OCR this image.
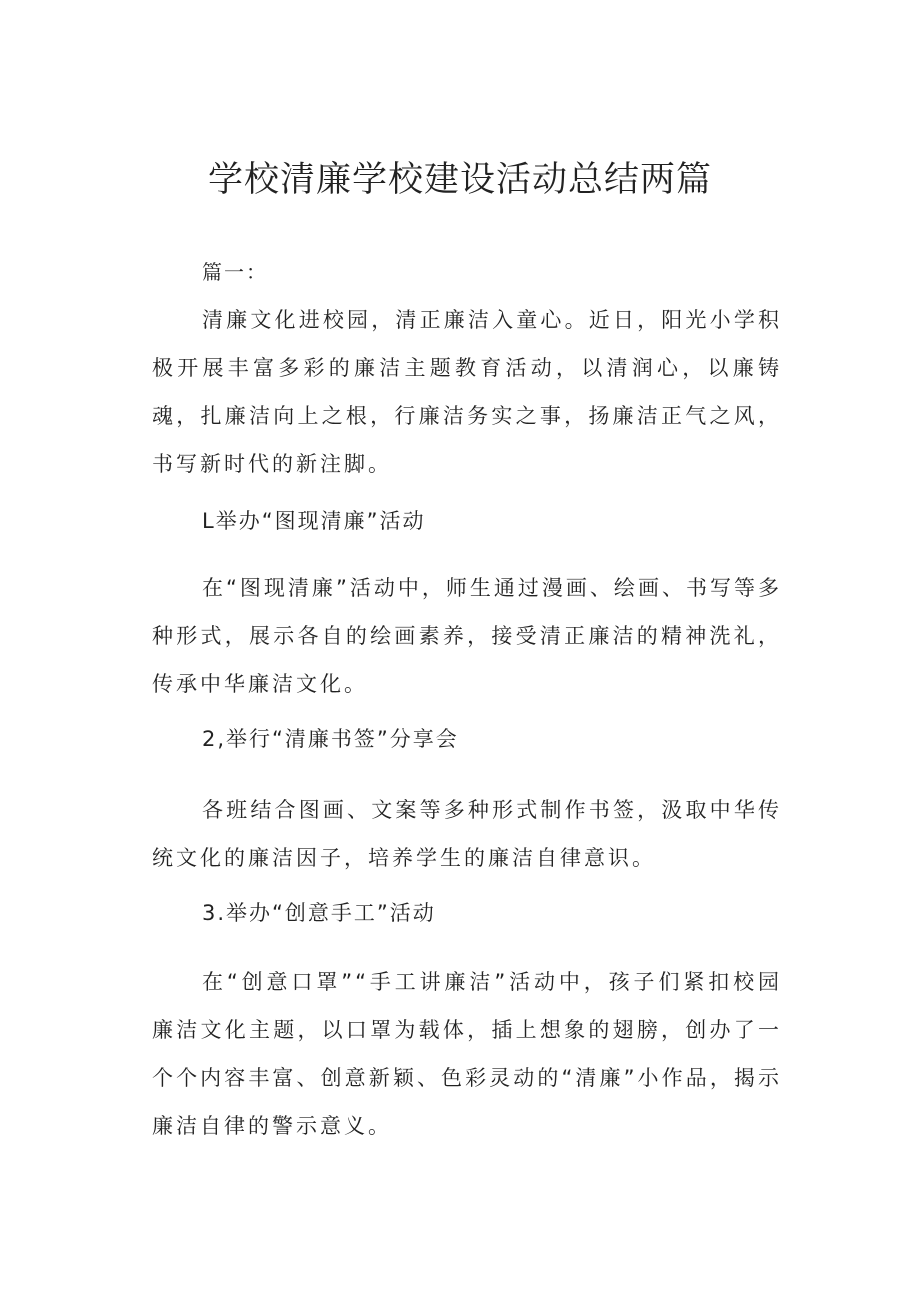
学校清廉学校建设活动总结两篇
篇一：
清廉文化进校园，清正廉洁入童心。近日，阳光小学积极开展丰富多彩的廉洁主题教育活动，以清润心，以廉铸魂，扎廉洁向上之根，行廉洁务实之事，扬廉洁正气之风，书写新时代的新注脚。
L举办“图现清廉”活动
在“图现清廉”活动中，师生通过漫画、绘画、书写等多种形式，展示各自的绘画素养，接受清正廉洁的精神洗礼，传承中华廉洁文化。
2,举行“清廉书签”分享会
各班结合图画、文案等多种形式制作书签，汲取中华传统文化的廉洁因子，培养学生的廉洁自律意识。
3.举办“创意手工”活动
在“创意口罩”“手工讲廉洁”活动中，孩子们紧扣校园廉洁文化主题，以口罩为载体，插上想象的翅膀，创办了一个个内容丰富、创意新颖、色彩灵动的“清廉”小作品，揭示廉洁自律的警示意义。
